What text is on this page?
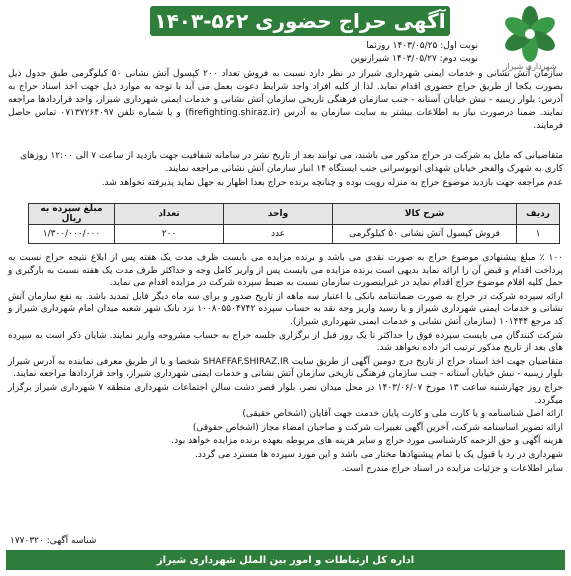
آگهی حراج حضوری ۵۶۲-۱۴۰۳
شهرداری شیراز
نوبت اول: ۱۴۰۳/۰۵/۲۵ روزنما
نوبت دوم: ۱۴۰۳/۰۵/۲۷ شیرازنوین
سازمان آتش نشانی و خدمات ایمنی شهرداری شیراز در نظر دارد نسبت به فروش تعداد ۲۰۰ کپسول آتش نشانی ۵۰ کیلوگرمی طبق جدول ذیل بصورت یکجا از طریق حراج حضوری اقدام نماید. لذا از کلیه افراد واجد شرایط دعوت بعمل می آید با توجه به موارد ذیل جهت اخذ اسناد حراج به آدرس: بلوار زینبیه - نبش خیابان آستانه - جنب سازمان فرهنگی تاریخی سازمان آتش نشانی و خدمات ایمنی شهرداری شیراز، واحد قراردادها مراجعه نمایند. ضمنا درصورت نیاز به اطلاعات بیشتر به سایت سازمان به آدرس (firefighting.shiraz.ir) و یا شماره تلفن ۰۷۱۳۷۲۶۴۰۹۷ تماس حاصل فرمایند.

متقاضیانی که مایل به شرکت در حراج مذکور می باشند، می توانند بعد از تاریخ نشر در سامانه شفافیت جهت بازدید از ساعت ۷ الی ۱۲:۰۰ روزهای کاری به شهرک والفجر خیابان شهدای اتوبوسرانی جنب ایستگاه ۱۴ انبار سازمان آتش نشانی مراجعه نمایند.

عدم مراجعه جهت بازدید موضوع حراج به منزله رویت بوده و چنانچه برنده حراج بعدا اظهار به جهل نماید پذیرفته نخواهد شد.

ردیف	شرح کالا	واحد	تعداد	مبلغ سپرده به ریال
۱	فروش کپسول آتش نشانی ۵۰ کیلوگرمی	عدد	۲۰۰	۱/۳۰۰/۰۰۰/۰۰۰

۱۰۰ ٪ مبلغ پیشنهادی موضوع حراج به صورت نقدی می باشد و برنده مزایده می بایست ظرف مدت یک هفته پس از ابلاغ نتیجه حراج نسبت به پرداخت اقدام و قبض آن را ارائه نماید بدیهی است برنده مزایده می بایست پس از واریز کامل وجه و حداکثر ظرف مدت یک هفته نسبت به بارگیری و حمل کلیه اقلام موضوع حراج اقدام نماید در غیراینصورت سازمان نسبت به ضبط سپرده شرکت در مزایده اقدام می نماید.

ارائه سپرده شرکت در حراج به صورت ضمانتنامه بانکی با اعتبار سه ماهه از تاریخ صدور و برای سه ماه دیگر قابل تمدید باشد. به نفع سازمان آتش نشانی و خدمات ایمنی شهرداری شیراز و یا رسید واریز وجه نقد به حساب سپرده ۱۰۰۸۰۵۵۰۴۷۴۲ نزد بانک شهر شعبه میدان امام شهرداری شیراز و کد مرجع ۱۰۱۴۴۴ (سازمان آتش نشانی و خدمات ایمنی شهرداری شیراز).

شرکت کنندگان می بایست سپرده فوق را حداکثر تا یک روز قبل از برگزاری جلسه حراج به حساب مشروحه واریز نمایند. شایان ذکر است به سپرده های بعد از تاریخ مذکور ترتیب اثر داده نخواهد شد.

متقاضیان جهت اخذ اسناد حراج از تاریخ درج دومین آگهی از طریق سایت SHAFFAF.SHIRAZ.IR شخصا و یا از طریق معرفی نماینده به آدرس شیراز بلوار زینبیه - نبش خیابان آستانه - جنب سازمان فرهنگی تاریخی سازمان آتش نشانی و خدمات ایمنی شهرداری شیراز، واحد قراردادها مراجعه نمایند.

حراج روز چهارشنبه ساعت ۱۳ مورخ ۱۴۰۳/۰۶/۰۷ در محل میدان نصر، بلوار قصر دشت سالن اجتماعات شهرداری منطقه ۷ شهرداری شیراز برگزار میگردد.

ارائه اصل شناسنامه و یا کارت ملی و کارت پایان خدمت جهت آقایان (اشخاص حقیقی)

ارائه تصویر اساسنامه شرکت، آخرین آگهی تغییرات شرکت و صاحبان امضاء مجاز (اشخاص حقوقی)

هزینه آگهی و حق الزحمه کارشناسی مورد حراج و سایر هزینه های مربوطه بعهده برنده مزایده خواهد بود.

شهرداری در رد یا قبول یک یا تمام پیشنهادها مختار می باشد و این مورد سپرده ها مسترد می گردد.

سایر اطلاعات و جزئیات مزایده در اسناد حراج مندرج است.

شناسه آگهی: ۱۷۷۰۳۲۰
اداره کل ارتباطات و امور بین الملل شهرداری شیراز
